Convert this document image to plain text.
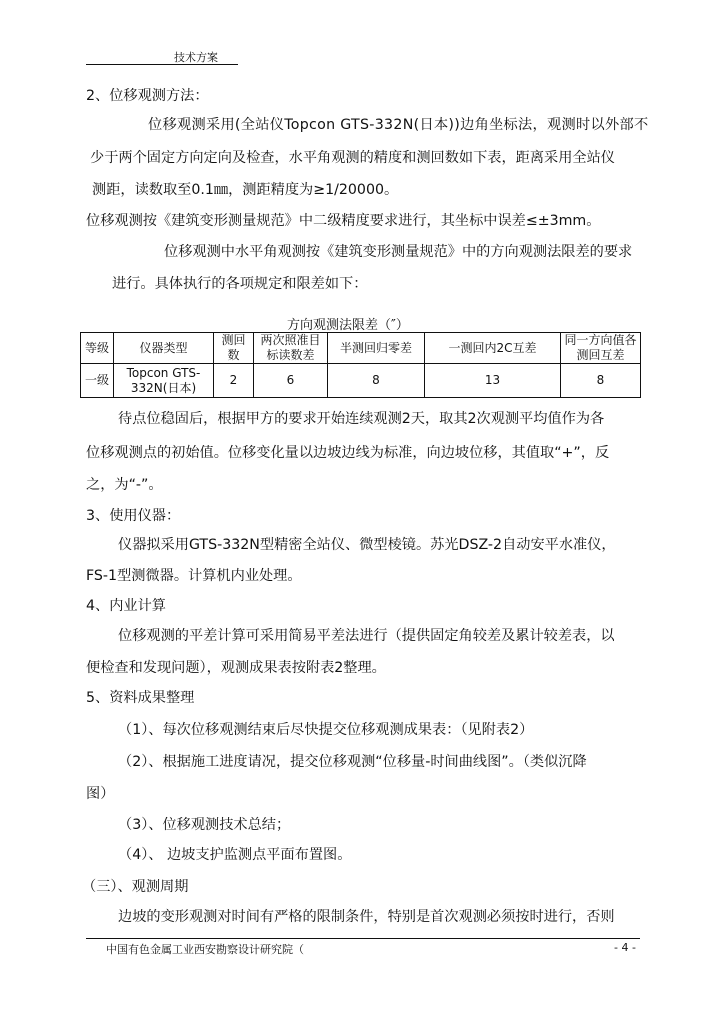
技术方案
2、位移观测方法：
位移观测采用(全站仪Topcon GTS-332N(日本))边角坐标法，观测时以外部不
少于两个固定方向定向及检查，水平角观测的精度和测回数如下表，距离采用全站仪
测距，读数取至0.1㎜，测距精度为≥1/20000。
位移观测按《建筑变形测量规范》中二级精度要求进行，其坐标中误差≤±3mm。
位移观测中水平角观测按《建筑变形测量规范》中的方向观测法限差的要求
进行。具体执行的各项规定和限差如下：
方向观测法限差（″）
等级	仪器类型	测回数	两次照准目标读数差	半测回归零差	一测回内2C互差	同一方向值各测回互差
一级	Topcon GTS-332N(日本)	2	6	8	13	8
待点位稳固后，根据甲方的要求开始连续观测2天，取其2次观测平均值作为各
位移观测点的初始值。位移变化量以边坡边线为标准，向边坡位移，其值取“+”，反
之，为“-”。
3、使用仪器：
仪器拟采用GTS-332N型精密全站仪、微型棱镜。苏光DSZ-2自动安平水准仪，
FS-1型测微器。计算机内业处理。
4、内业计算
位移观测的平差计算可采用简易平差法进行（提供固定角较差及累计较差表，以
便检查和发现问题），观测成果表按附表2整理。
5、资料成果整理
（1）、每次位移观测结束后尽快提交位移观测成果表：（见附表2）
（2）、根据施工进度请况，提交位移观测“位移量-时间曲线图”。（类似沉降
图）
（3）、位移观测技术总结；
（4）、 边坡支护监测点平面布置图。
（三）、观测周期
边坡的变形观测对时间有严格的限制条件，特别是首次观测必须按时进行，否则
中国有色金属工业西安勘察设计研究院（	- 4 -
